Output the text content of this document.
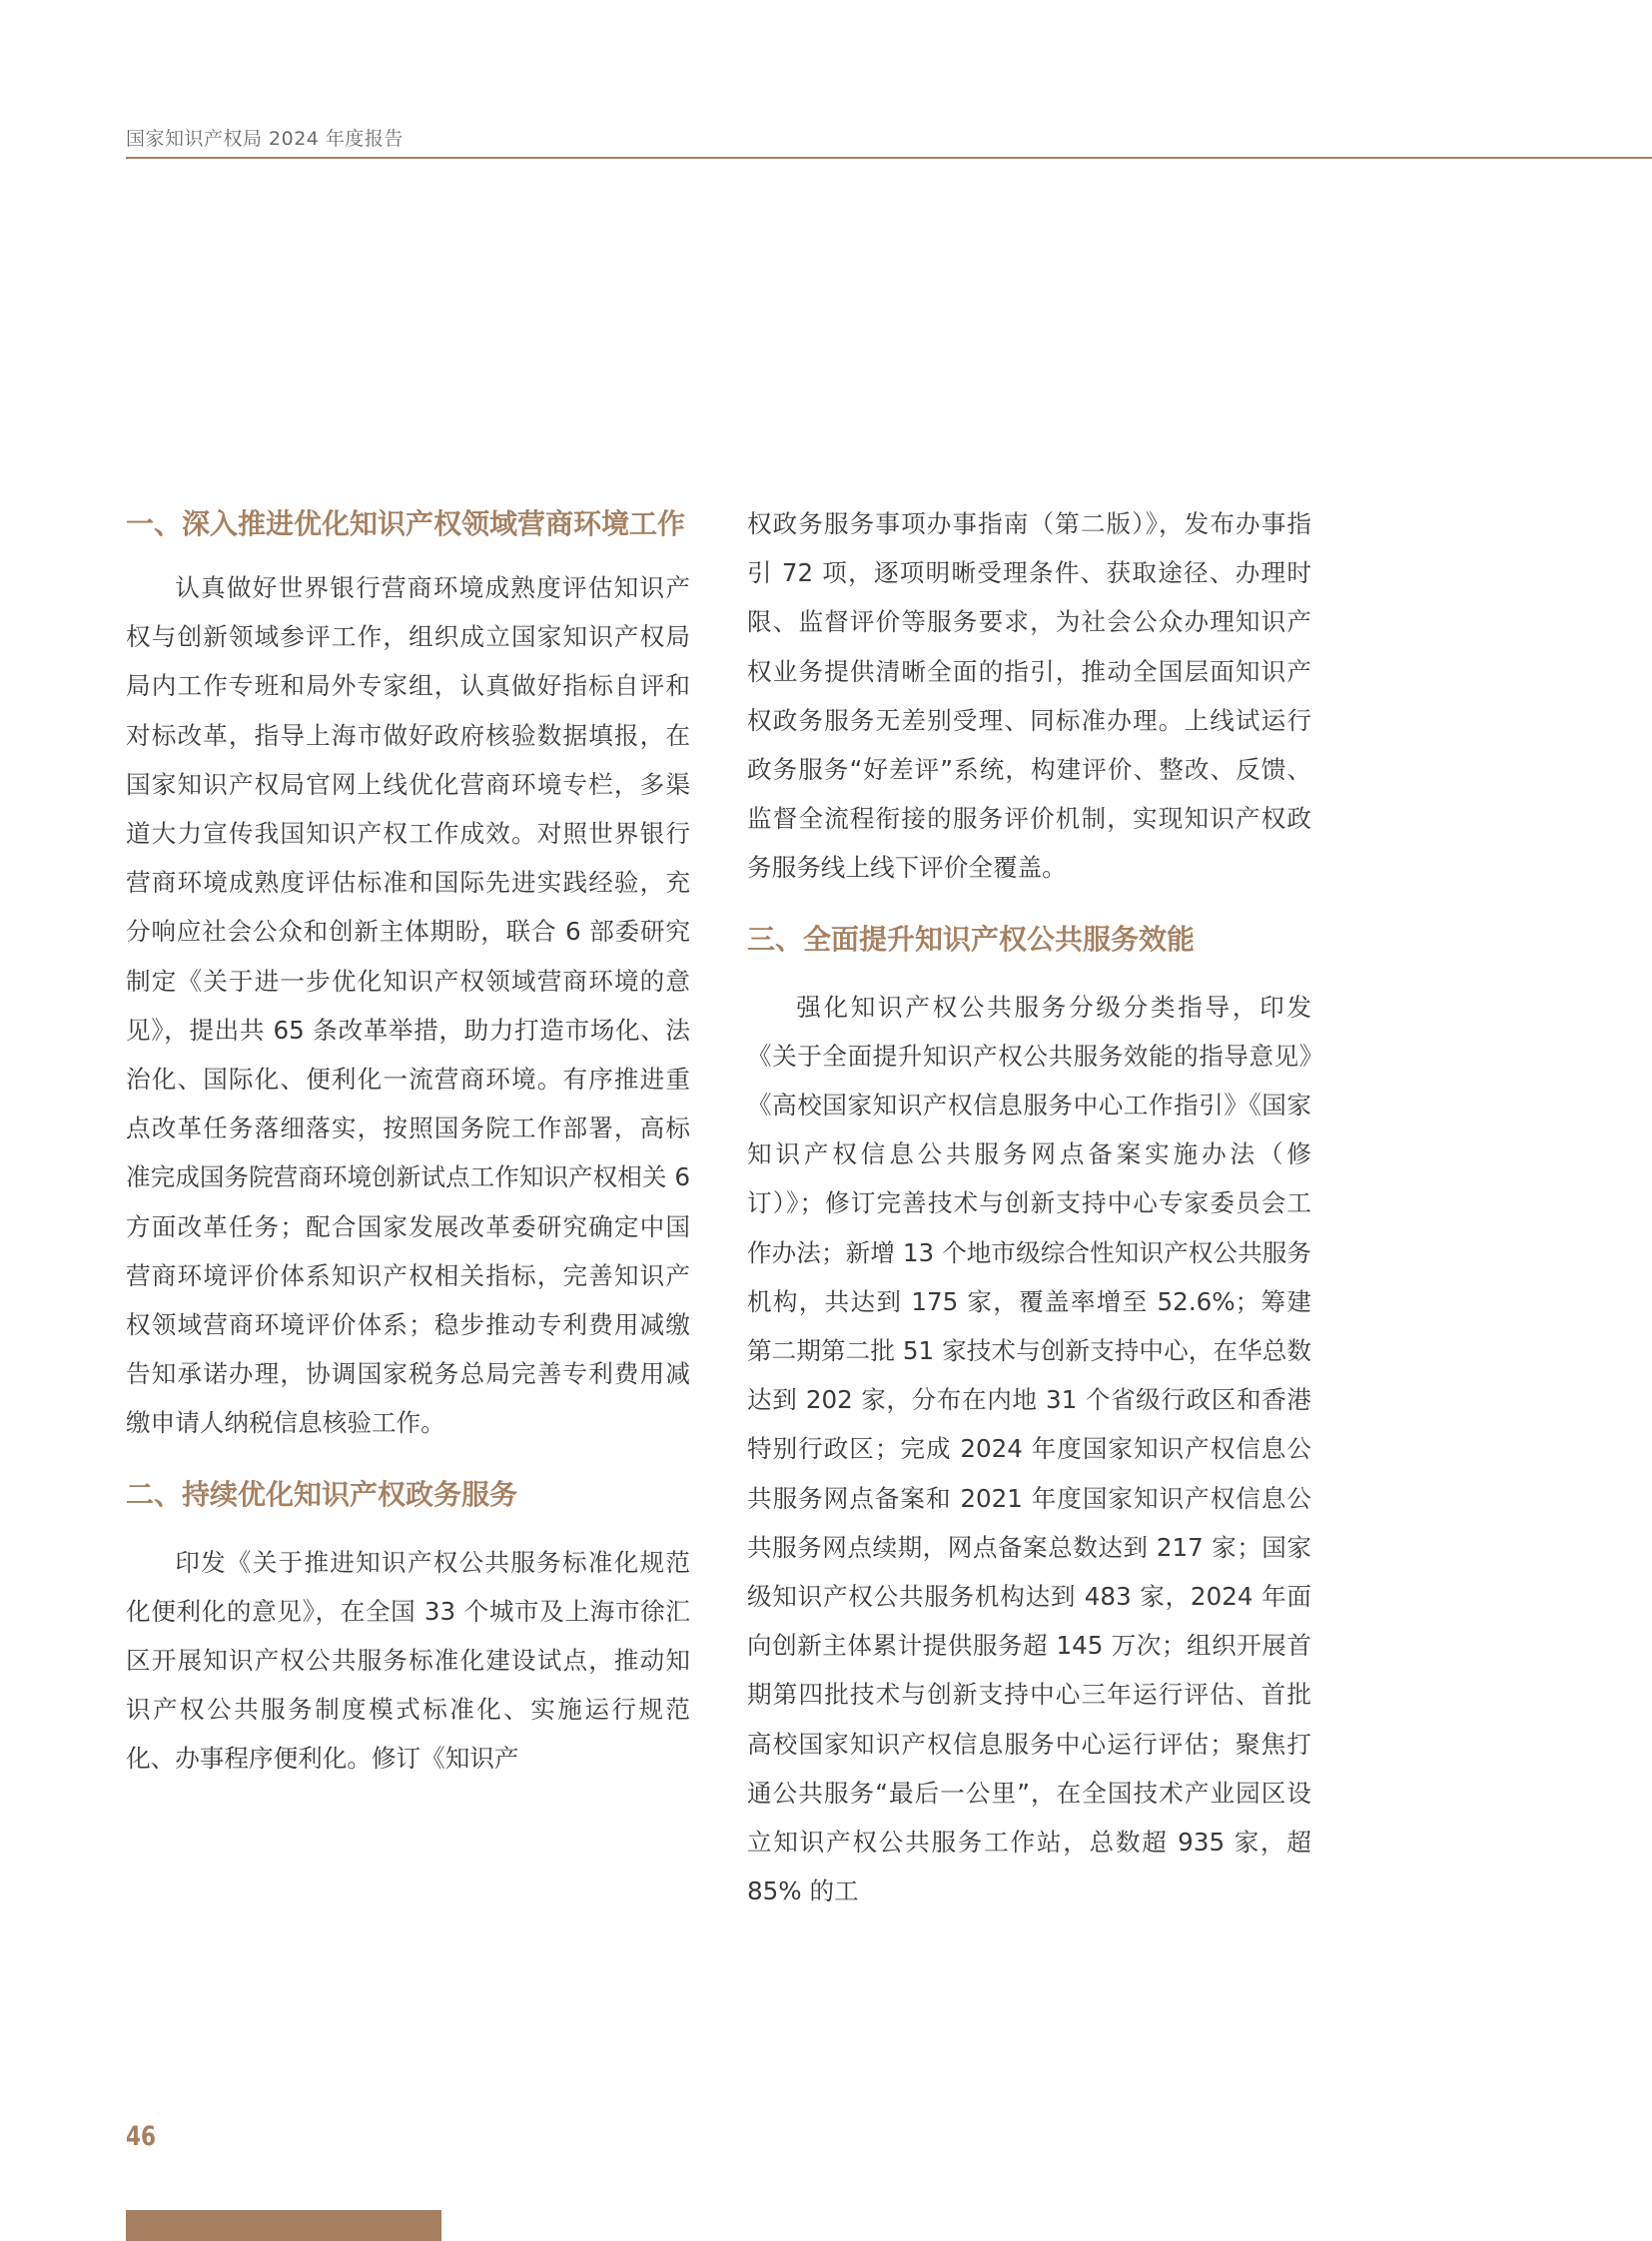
国家知识产权局 2024 年度报告
一、深入推进优化知识产权领域营商环境工作

认真做好世界银行营商环境成熟度评估知识产权与创新领域参评工作，组织成立国家知识产权局局内工作专班和局外专家组，认真做好指标自评和对标改革，指导上海市做好政府核验数据填报，在国家知识产权局官网上线优化营商环境专栏，多渠道大力宣传我国知识产权工作成效。对照世界银行营商环境成熟度评估标准和国际先进实践经验，充分响应社会公众和创新主体期盼，联合 6 部委研究制定《关于进一步优化知识产权领域营商环境的意见》，提出共 65 条改革举措，助力打造市场化、法治化、国际化、便利化一流营商环境。有序推进重点改革任务落细落实，按照国务院工作部署，高标准完成国务院营商环境创新试点工作知识产权相关 6 方面改革任务；配合国家发展改革委研究确定中国营商环境评价体系知识产权相关指标，完善知识产权领域营商环境评价体系；稳步推动专利费用减缴告知承诺办理，协调国家税务总局完善专利费用减缴申请人纳税信息核验工作。

二、持续优化知识产权政务服务

印发《关于推进知识产权公共服务标准化规范化便利化的意见》，在全国 33 个城市及上海市徐汇区开展知识产权公共服务标准化建设试点，推动知识产权公共服务制度模式标准化、实施运行规范化、办事程序便利化。修订《知识产

权政务服务事项办事指南（第二版）》，发布办事指引 72 项，逐项明晰受理条件、获取途径、办理时限、监督评价等服务要求，为社会公众办理知识产权业务提供清晰全面的指引，推动全国层面知识产权政务服务无差别受理、同标准办理。上线试运行政务服务“好差评”系统，构建评价、整改、反馈、监督全流程衔接的服务评价机制，实现知识产权政务服务线上线下评价全覆盖。

三、全面提升知识产权公共服务效能

强化知识产权公共服务分级分类指导，印发《关于全面提升知识产权公共服务效能的指导意见》《高校国家知识产权信息服务中心工作指引》《国家知识产权信息公共服务网点备案实施办法（修订）》；修订完善技术与创新支持中心专家委员会工作办法；新增 13 个地市级综合性知识产权公共服务机构，共达到 175 家，覆盖率增至 52.6%；筹建第二期第二批 51 家技术与创新支持中心，在华总数达到 202 家，分布在内地 31 个省级行政区和香港特别行政区；完成 2024 年度国家知识产权信息公共服务网点备案和 2021 年度国家知识产权信息公共服务网点续期，网点备案总数达到 217 家；国家级知识产权公共服务机构达到 483 家，2024 年面向创新主体累计提供服务超 145 万次；组织开展首期第四批技术与创新支持中心三年运行评估、首批高校国家知识产权信息服务中心运行评估；聚焦打通公共服务“最后一公里”，在全国技术产业园区设立知识产权公共服务工作站，总数超 935 家，超 85% 的工

46
